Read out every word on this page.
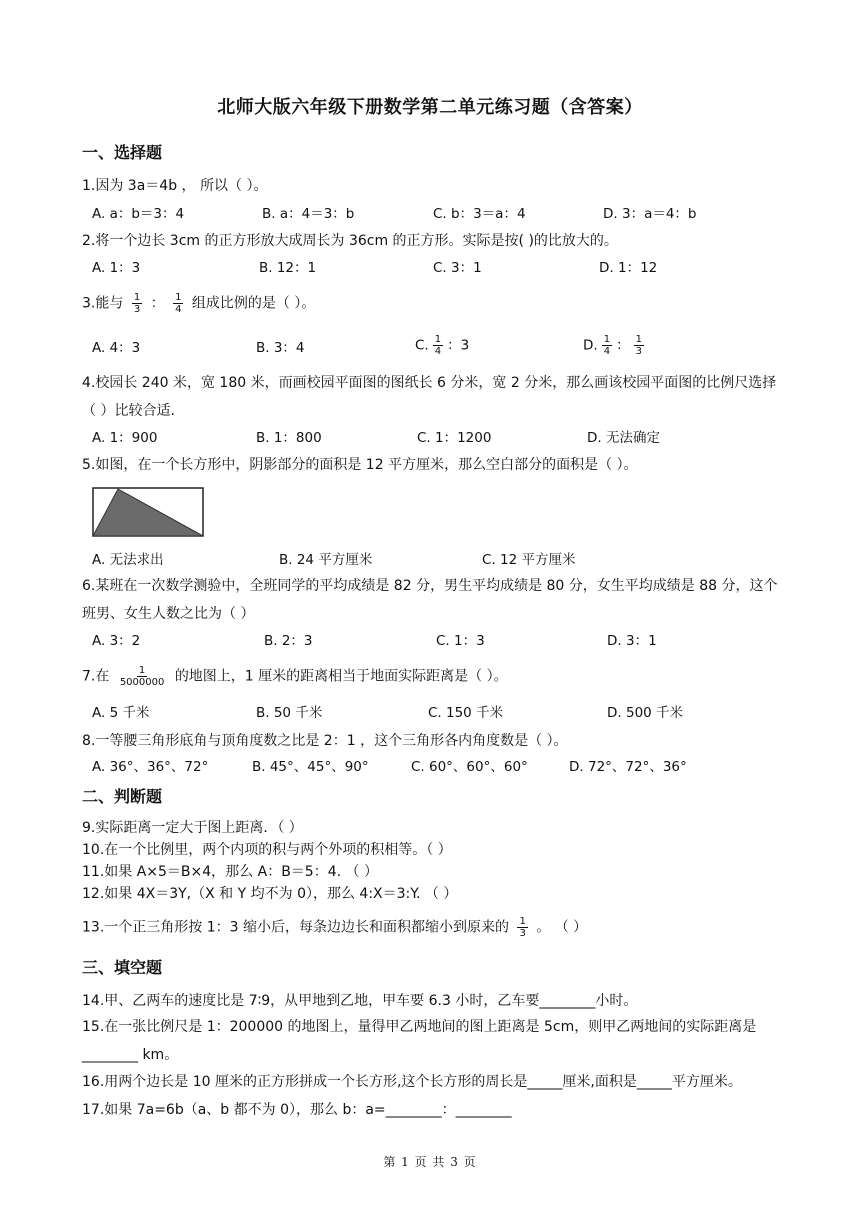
北师大版六年级下册数学第二单元练习题（含答案）
一、选择题
1.因为 3a＝4b ， 所以（ ）。
A. a：b＝3：4	B. a：4＝3：b	C. b：3＝a：4	D. 3：a＝4：b
2.将一个边长 3cm 的正方形放大成周长为 36cm 的正方形。实际是按( )的比放大的。
A. 1：3	B. 12：1	C. 3：1	D. 1：12
3.能与 $\frac{1}{3}$ ： $\frac{1}{4}$ 组成比例的是（ ）。
A. 4：3	B. 3：4	C. $\frac{1}{4}$ ：3	D. $\frac{1}{4}$ ： $\frac{1}{3}$
4.校园长 240 米，宽 180 米，而画校园平面图的图纸长 6 分米，宽 2 分米，那么画该校园平面图的比例尺选择（ ）比较合适.
A. 1：900	B. 1：800	C. 1：1200	D. 无法确定
5.如图，在一个长方形中，阴影部分的面积是 12 平方厘米，那么空白部分的面积是（ ）。
A. 无法求出	B. 24 平方厘米	C. 12 平方厘米
6.某班在一次数学测验中，全班同学的平均成绩是 82 分，男生平均成绩是 80 分，女生平均成绩是 88 分，这个班男、女生人数之比为（ ）
A. 3：2	B. 2：3	C. 1：3	D. 3：1
7.在 $\frac{1}{5000000}$ 的地图上，1 厘米的距离相当于地面实际距离是（ ）。
A. 5 千米	B. 50 千米	C. 150 千米	D. 500 千米
8.一等腰三角形底角与顶角度数之比是 2：1 ，这个三角形各内角度数是（ ）。
A. 36°、36°、72°	B. 45°、45°、90°	C. 60°、60°、60°	D. 72°、72°、36°
二、判断题
9.实际距离一定大于图上距离．（ ）
10.在一个比例里，两个内项的积与两个外项的积相等。（ ）
11.如果 A×5＝B×4，那么 A：B＝5：4. （ ）
12.如果 4X＝3Y,（X 和 Y 均不为 0），那么 4:X＝3:Y. （ ）
13.一个正三角形按 1：3 缩小后，每条边边长和面积都缩小到原来的 $\frac{1}{3}$ 。 （ ）
三、填空题
14.甲、乙两车的速度比是 7∶9，从甲地到乙地，甲车要 6.3 小时，乙车要________小时。
15.在一张比例尺是 1：200000 的地图上，量得甲乙两地间的图上距离是 5cm，则甲乙两地间的实际距离是________ km。
16.用两个边长是 10 厘米的正方形拼成一个长方形,这个长方形的周长是_____厘米,面积是_____平方厘米。
17.如果 7a=6b（a、b 都不为 0），那么 b：a=________：________
第 1 页 共 3 页
